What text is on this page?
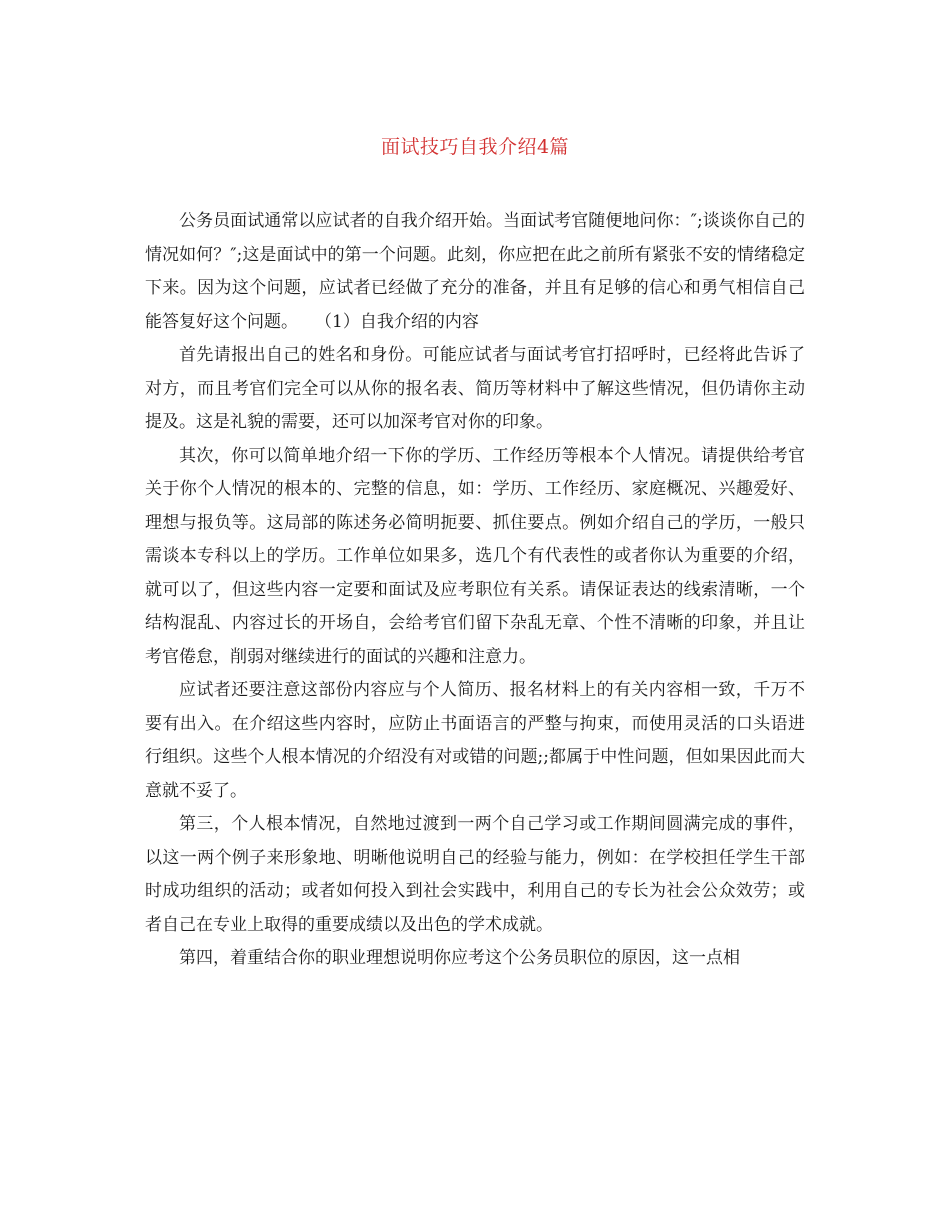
面试技巧自我介绍4篇

公务员面试通常以应试者的自我介绍开始。当面试考官随便地问你：″;谈谈你自己的情况如何？″;这是面试中的第一个问题。此刻，你应把在此之前所有紧张不安的情绪稳定下来。因为这个问题，应试者已经做了充分的准备，并且有足够的信心和勇气相信自己能答复好这个问题。　　（1）自我介绍的内容

首先请报出自己的姓名和身份。可能应试者与面试考官打招呼时，已经将此告诉了对方，而且考官们完全可以从你的报名表、简历等材料中了解这些情况，但仍请你主动提及。这是礼貌的需要，还可以加深考官对你的印象。

其次，你可以简单地介绍一下你的学历、工作经历等根本个人情况。请提供给考官关于你个人情况的根本的、完整的信息，如：学历、工作经历、家庭概况、兴趣爱好、理想与报负等。这局部的陈述务必简明扼要、抓住要点。例如介绍自己的学历，一般只需谈本专科以上的学历。工作单位如果多，选几个有代表性的或者你认为重要的介绍，就可以了，但这些内容一定要和面试及应考职位有关系。请保证表达的线索清晰，一个结构混乱、内容过长的开场自，会给考官们留下杂乱无章、个性不清晰的印象，并且让考官倦怠，削弱对继续进行的面试的兴趣和注意力。

应试者还要注意这部份内容应与个人简历、报名材料上的有关内容相一致，千万不要有出入。在介绍这些内容时，应防止书面语言的严整与拘束，而使用灵活的口头语进行组织。这些个人根本情况的介绍没有对或错的问题;;都属于中性问题，但如果因此而大意就不妥了。

第三，个人根本情况，自然地过渡到一两个自己学习或工作期间圆满完成的事件，以这一两个例子来形象地、明晰他说明自己的经验与能力，例如：在学校担任学生干部时成功组织的活动；或者如何投入到社会实践中，利用自己的专长为社会公众效劳；或者自己在专业上取得的重要成绩以及出色的学术成就。

第四，着重结合你的职业理想说明你应考这个公务员职位的原因，这一点相
